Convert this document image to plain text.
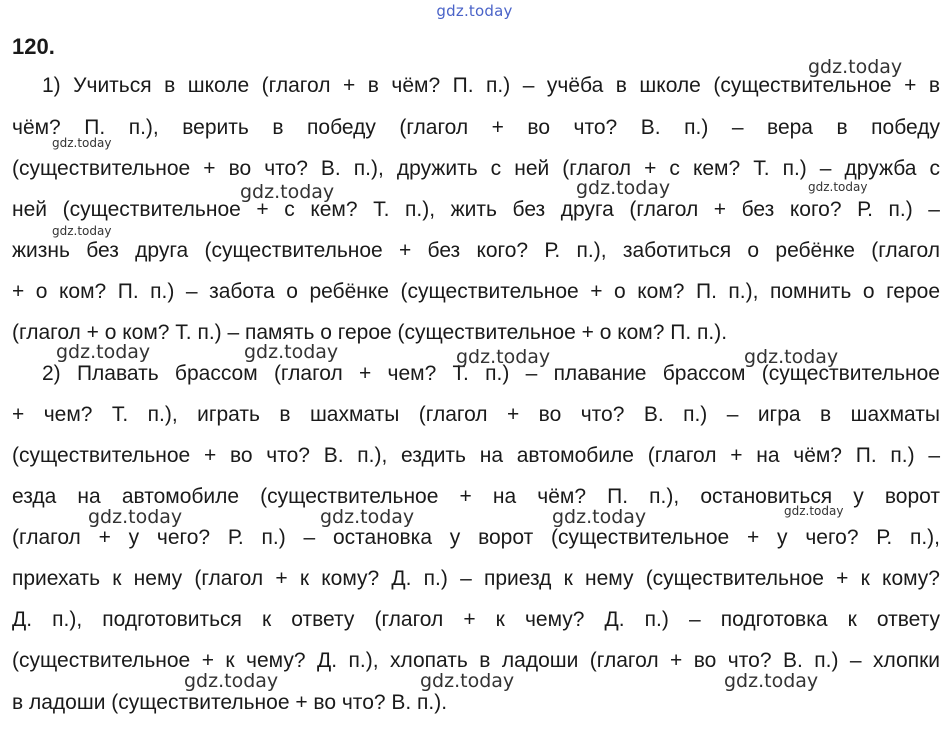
gdz.today
120.
1) Учиться в школе (глагол + в чём? П. п.) – учёба в школе (существительное + в
чём? П. п.), верить в победу (глагол + во что? В. п.) – вера в победу
(существительное + во что? В. п.), дружить с ней (глагол + с кем? Т. п.) – дружба с
ней (существительное + с кем? Т. п.), жить без друга (глагол + без кого? Р. п.) –
жизнь без друга (существительное + без кого? Р. п.), заботиться о ребёнке (глагол
+ о ком? П. п.) – забота о ребёнке (существительное + о ком? П. п.), помнить о герое
(глагол + о ком? Т. п.) – память о герое (существительное + о ком? П. п.).
2) Плавать брассом (глагол + чем? Т. п.) – плавание брассом (существительное
+ чем? Т. п.), играть в шахматы (глагол + во что? В. п.) – игра в шахматы
(существительное + во что? В. п.), ездить на автомобиле (глагол + на чём? П. п.) –
езда на автомобиле (существительное + на чём? П. п.), остановиться у ворот
(глагол + у чего? Р. п.) – остановка у ворот (существительное + у чего? Р. п.),
приехать к нему (глагол + к кому? Д. п.) – приезд к нему (существительное + к кому?
Д. п.), подготовиться к ответу (глагол + к чему? Д. п.) – подготовка к ответу
(существительное + к чему? Д. п.), хлопать в ладоши (глагол + во что? В. п.) – хлопки
в ладоши (существительное + во что? В. п.).
gdz.today
gdz.today
gdz.today	gdz.today	gdz.today
gdz.today
gdz.today	gdz.today	gdz.today	gdz.today
gdz.today	gdz.today	gdz.today	gdz.today
gdz.today	gdz.today	gdz.today
